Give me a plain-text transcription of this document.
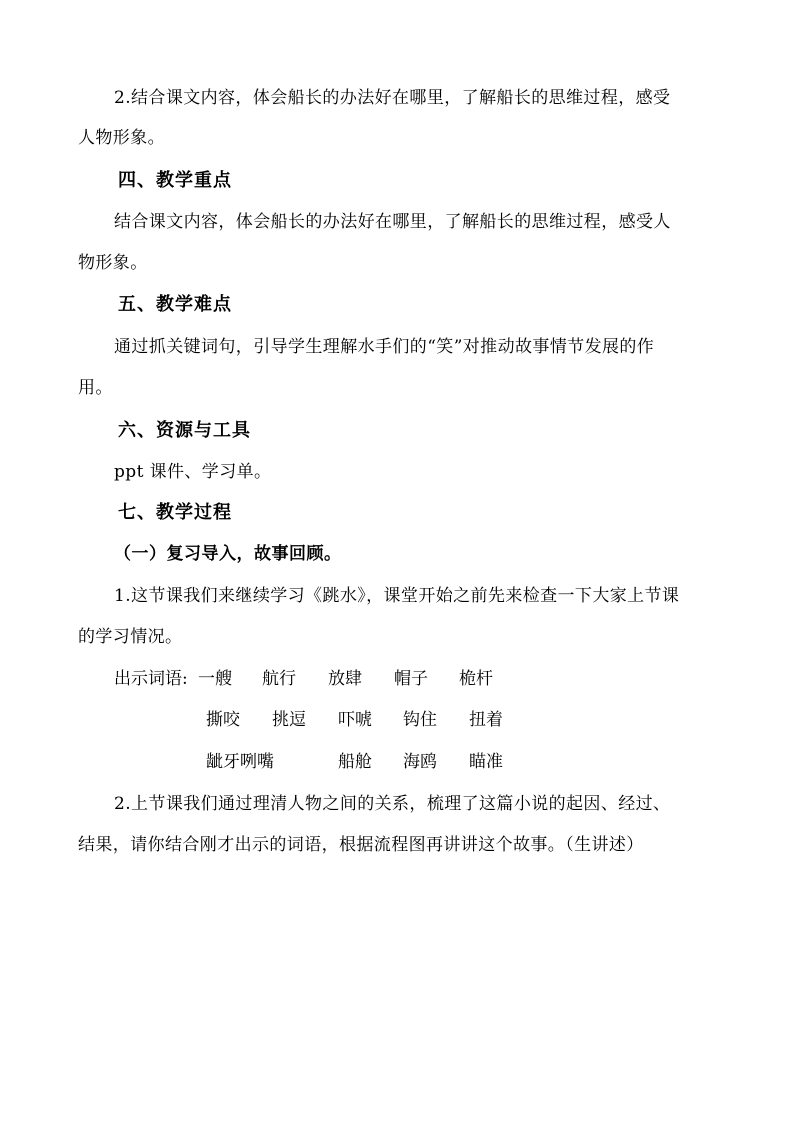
2.结合课文内容，体会船长的办法好在哪里，了解船长的思维过程，感受
人物形象。
四、教学重点
结合课文内容，体会船长的办法好在哪里，了解船长的思维过程，感受人
物形象。
五、教学难点
通过抓关键词句，引导学生理解水手们的“笑”对推动故事情节发展的作
用。
六、资源与工具
ppt 课件、学习单。
七、教学过程
（一）复习导入，故事回顾。
1.这节课我们来继续学习《跳水》，课堂开始之前先来检查一下大家上节课
的学习情况。
出示词语: 一艘 航行 放肆 帽子 桅杆
撕咬 挑逗 吓唬 钩住 扭着
龇牙咧嘴	船舱 海鸥 瞄准
2.上节课我们通过理清人物之间的关系，梳理了这篇小说的起因、经过、
结果，请你结合刚才出示的词语，根据流程图再讲讲这个故事。（生讲述）
